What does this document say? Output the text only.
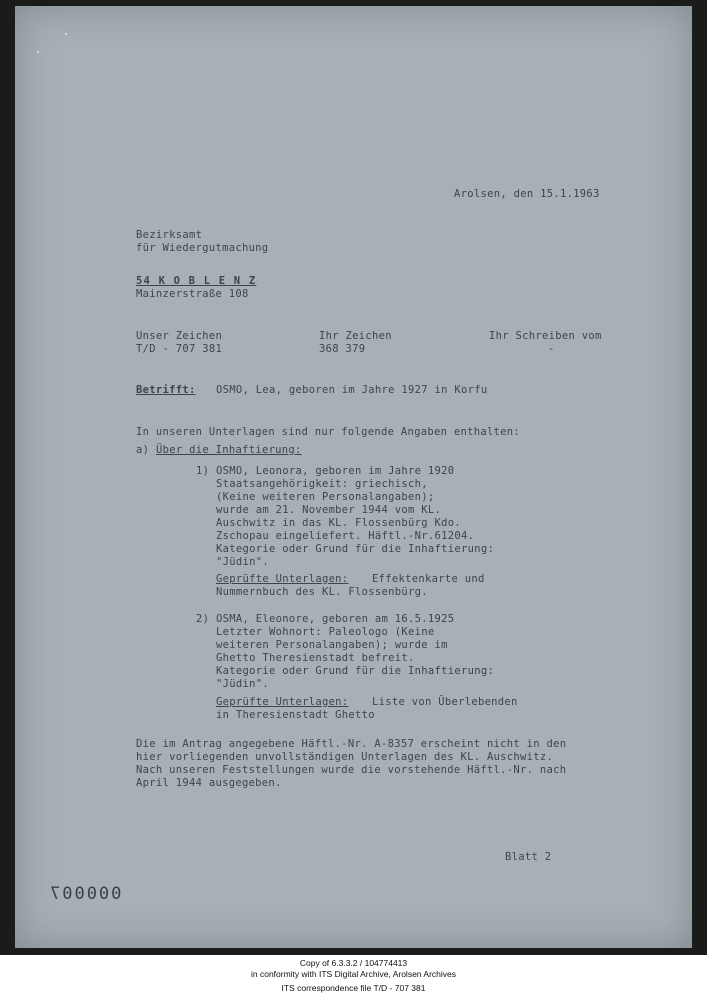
Arolsen, den 15.1.1963

Bezirksamt

für Wiedergutmachung

54 K O B L E N Z

Mainzerstraße 108

Unser Zeichen

T/D - 707 381

Ihr Zeichen

368 379

Ihr Schreiben vom

-

Betrifft: OSMO, Lea, geboren im Jahre 1927 in Korfu

In unseren Unterlagen sind nur folgende Angaben enthalten:

a) Über die Inhaftierung:

1) OSMO, Leonora, geboren im Jahre 1920

Staatsangehörigkeit: griechisch,

(Keine weiteren Personalangaben);

wurde am 21. November 1944 vom KL.

Auschwitz in das KL. Flossenbürg Kdo.

Zschopau eingeliefert. Häftl.-Nr.61204.

Kategorie oder Grund für die Inhaftierung:

"Jüdin".

Geprüfte Unterlagen: Effektenkarte und

Nummernbuch des KL. Flossenbürg.

2) OSMA, Eleonore, geboren am 16.5.1925

Letzter Wohnort: Paleologo (Keine

weiteren Personalangaben); wurde im

Ghetto Theresienstadt befreit.

Kategorie oder Grund für die Inhaftierung:

"Jüdin".

Geprüfte Unterlagen: Liste von Überlebenden

in Theresienstadt Ghetto

Die im Antrag angegebene Häftl.-Nr. A-8357 erscheint nicht in den

hier vorliegenden unvollständigen Unterlagen des KL. Auschwitz.

Nach unseren Feststellungen wurde die vorstehende Häftl.-Nr. nach

April 1944 ausgegeben.

Blatt 2

000007

Copy of 6.3.3.2 / 104774413
in conformity with ITS Digital Archive, Arolsen Archives
ITS correspondence file T/D - 707 381
